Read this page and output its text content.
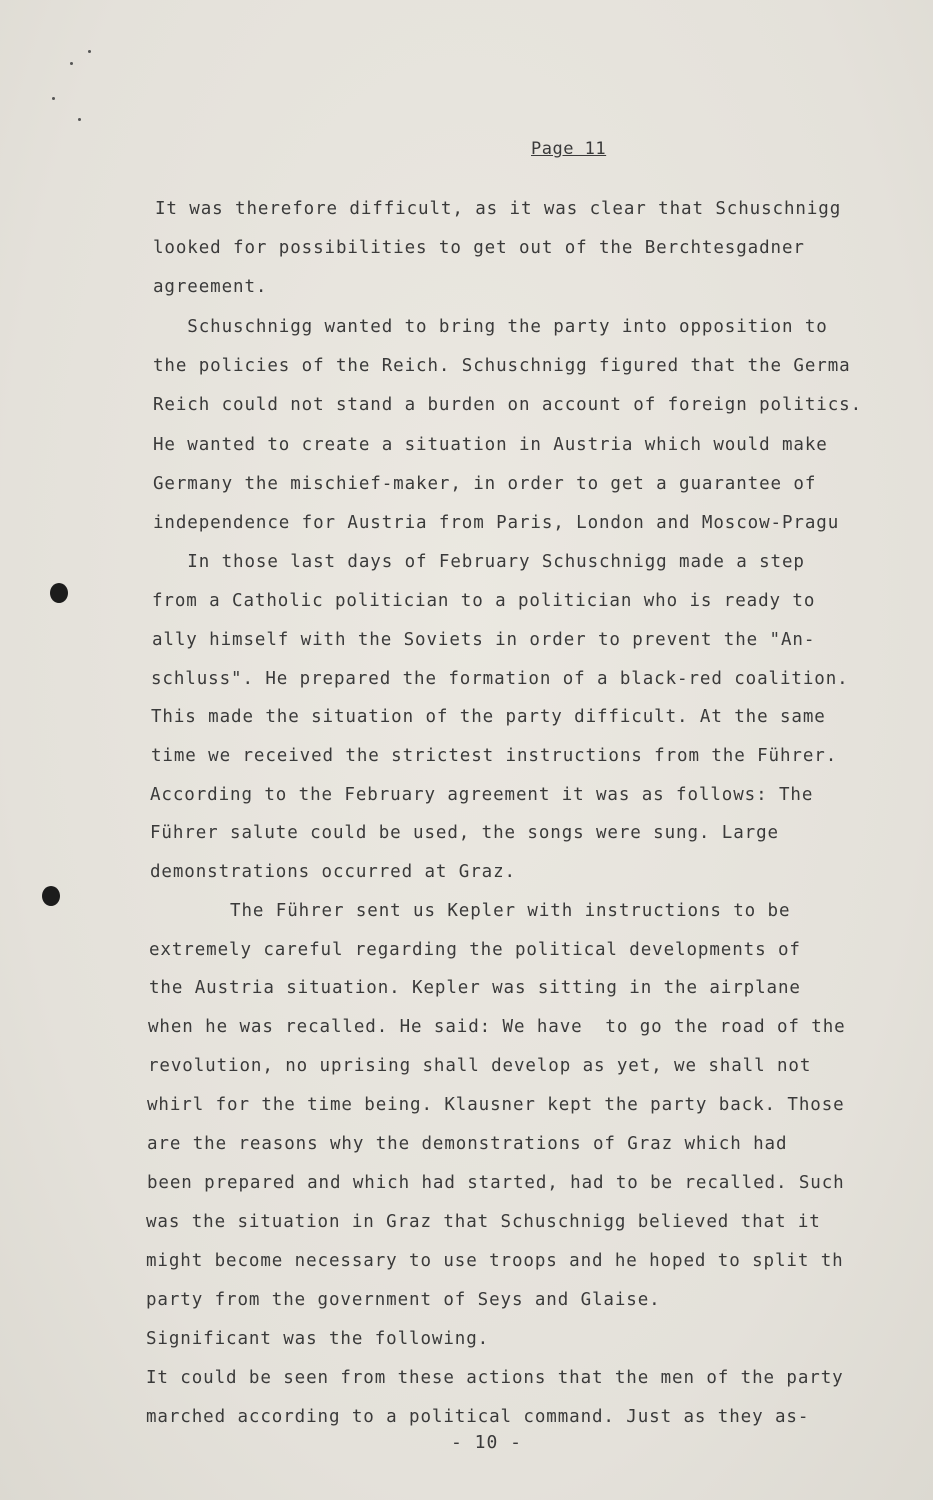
Page 11
It was therefore difficult, as it was clear that Schuschnigg
looked for possibilities to get out of the Berchtesgadner
agreement.
Schuschnigg wanted to bring the party into opposition to
the policies of the Reich. Schuschnigg figured that the Germa
Reich could not stand a burden on account of foreign politics.
He wanted to create a situation in Austria which would make
Germany the mischief-maker, in order to get a guarantee of
independence for Austria from Paris, London and Moscow-Pragu
In those last days of February Schuschnigg made a step
from a Catholic politician to a politician who is ready to
ally himself with the Soviets in order to prevent the "An-
schluss". He prepared the formation of a black-red coalition.
This made the situation of the party difficult. At the same
time we received the strictest instructions from the Führer.
According to the February agreement it was as follows: The
Führer salute could be used, the songs were sung. Large
demonstrations occurred at Graz.
The Führer sent us Kepler with instructions to be
extremely careful regarding the political developments of
the Austria situation. Kepler was sitting in the airplane
when he was recalled. He said: We have  to go the road of the
revolution, no uprising shall develop as yet, we shall not
whirl for the time being. Klausner kept the party back. Those
are the reasons why the demonstrations of Graz which had
been prepared and which had started, had to be recalled. Such
was the situation in Graz that Schuschnigg believed that it
might become necessary to use troops and he hoped to split th
party from the government of Seys and Glaise.
Significant was the following.
It could be seen from these actions that the men of the party
marched according to a political command. Just as they as-
- 10 -
